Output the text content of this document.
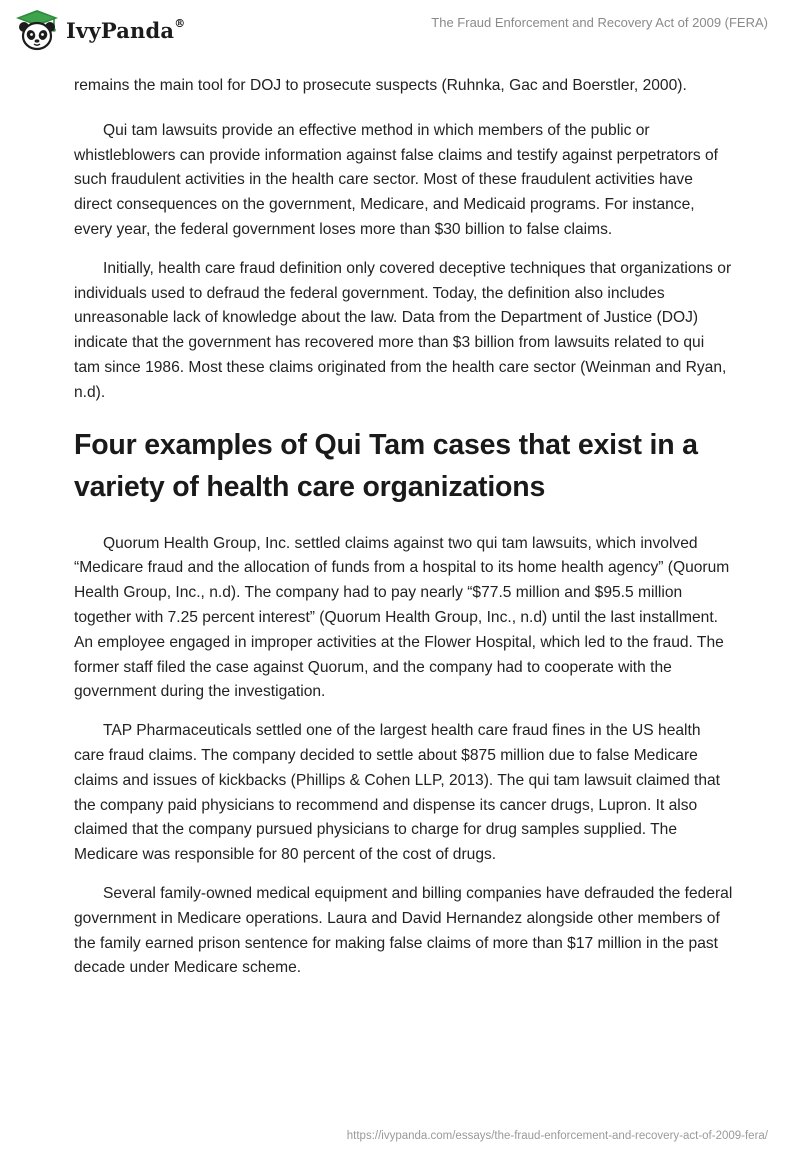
IvyPanda®	The Fraud Enforcement and Recovery Act of 2009 (FERA)

remains the main tool for DOJ to prosecute suspects (Ruhnka, Gac and Boerstler, 2000).

Qui tam lawsuits provide an effective method in which members of the public or whistleblowers can provide information against false claims and testify against perpetrators of such fraudulent activities in the health care sector. Most of these fraudulent activities have direct consequences on the government, Medicare, and Medicaid programs. For instance, every year, the federal government loses more than $30 billion to false claims.

Initially, health care fraud definition only covered deceptive techniques that organizations or individuals used to defraud the federal government. Today, the definition also includes unreasonable lack of knowledge about the law. Data from the Department of Justice (DOJ) indicate that the government has recovered more than $3 billion from lawsuits related to qui tam since 1986. Most these claims originated from the health care sector (Weinman and Ryan, n.d).

Four examples of Qui Tam cases that exist in a variety of health care organizations

Quorum Health Group, Inc. settled claims against two qui tam lawsuits, which involved “Medicare fraud and the allocation of funds from a hospital to its home health agency” (Quorum Health Group, Inc., n.d). The company had to pay nearly “$77.5 million and $95.5 million together with 7.25 percent interest” (Quorum Health Group, Inc., n.d) until the last installment. An employee engaged in improper activities at the Flower Hospital, which led to the fraud. The former staff filed the case against Quorum, and the company had to cooperate with the government during the investigation.

TAP Pharmaceuticals settled one of the largest health care fraud fines in the US health care fraud claims. The company decided to settle about $875 million due to false Medicare claims and issues of kickbacks (Phillips & Cohen LLP, 2013). The qui tam lawsuit claimed that the company paid physicians to recommend and dispense its cancer drugs, Lupron. It also claimed that the company pursued physicians to charge for drug samples supplied. The Medicare was responsible for 80 percent of the cost of drugs.

Several family-owned medical equipment and billing companies have defrauded the federal government in Medicare operations. Laura and David Hernandez alongside other members of the family earned prison sentence for making false claims of more than $17 million in the past decade under Medicare scheme.

https://ivypanda.com/essays/the-fraud-enforcement-and-recovery-act-of-2009-fera/
